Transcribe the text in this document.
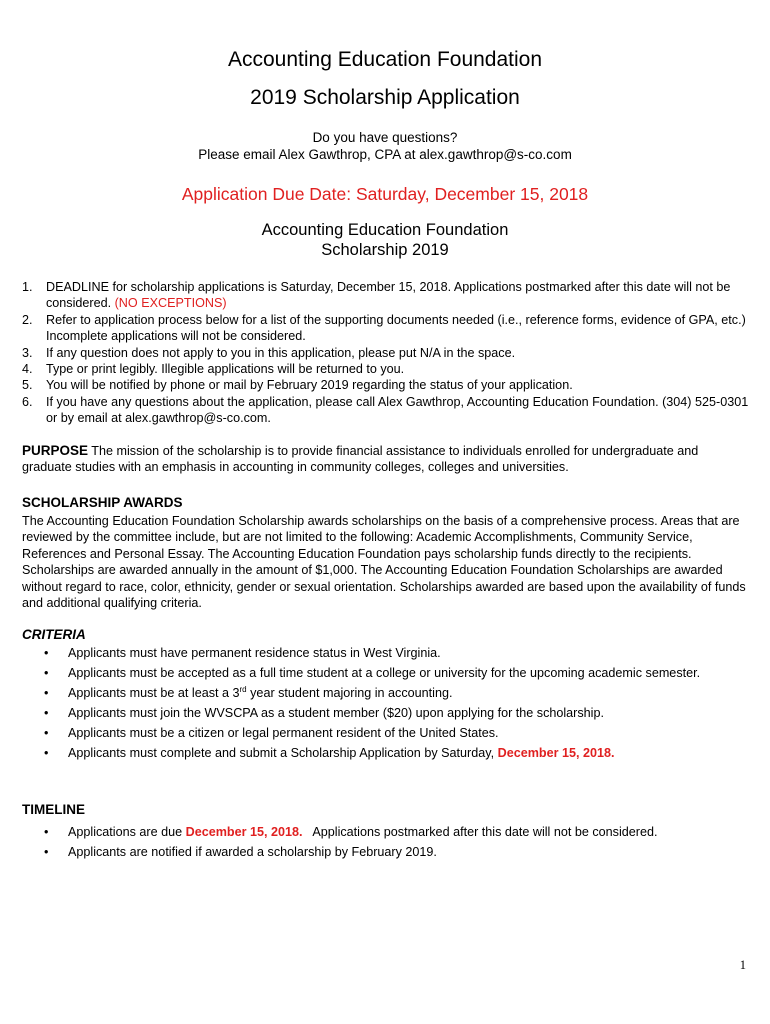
Accounting Education Foundation
2019 Scholarship Application
Do you have questions?
Please email Alex Gawthrop, CPA at alex.gawthrop@s-co.com
Application Due Date: Saturday, December 15, 2018
Accounting Education Foundation
Scholarship 2019
1. DEADLINE for scholarship applications is Saturday, December 15, 2018. Applications postmarked after this date will not be considered. (NO EXCEPTIONS)
2. Refer to application process below for a list of the supporting documents needed (i.e., reference forms, evidence of GPA, etc.) Incomplete applications will not be considered.
3. If any question does not apply to you in this application, please put N/A in the space.
4. Type or print legibly. Illegible applications will be returned to you.
5. You will be notified by phone or mail by February 2019 regarding the status of your application.
6. If you have any questions about the application, please call Alex Gawthrop, Accounting Education Foundation. (304) 525-0301 or by email at alex.gawthrop@s-co.com.
PURPOSE The mission of the scholarship is to provide financial assistance to individuals enrolled for undergraduate and graduate studies with an emphasis in accounting in community colleges, colleges and universities.
SCHOLARSHIP AWARDS
The Accounting Education Foundation Scholarship awards scholarships on the basis of a comprehensive process. Areas that are reviewed by the committee include, but are not limited to the following: Academic Accomplishments, Community Service, References and Personal Essay. The Accounting Education Foundation pays scholarship funds directly to the recipients. Scholarships are awarded annually in the amount of $1,000. The Accounting Education Foundation Scholarships are awarded without regard to race, color, ethnicity, gender or sexual orientation. Scholarships awarded are based upon the availability of funds and additional qualifying criteria.
CRITERIA
• Applicants must have permanent residence status in West Virginia.
• Applicants must be accepted as a full time student at a college or university for the upcoming academic semester.
• Applicants must be at least a 3rd year student majoring in accounting.
• Applicants must join the WVSCPA as a student member ($20) upon applying for the scholarship.
• Applicants must be a citizen or legal permanent resident of the United States.
• Applicants must complete and submit a Scholarship Application by Saturday, December 15, 2018.
TIMELINE
• Applications are due December 15, 2018.   Applications postmarked after this date will not be considered.
• Applicants are notified if awarded a scholarship by February 2019.
1
